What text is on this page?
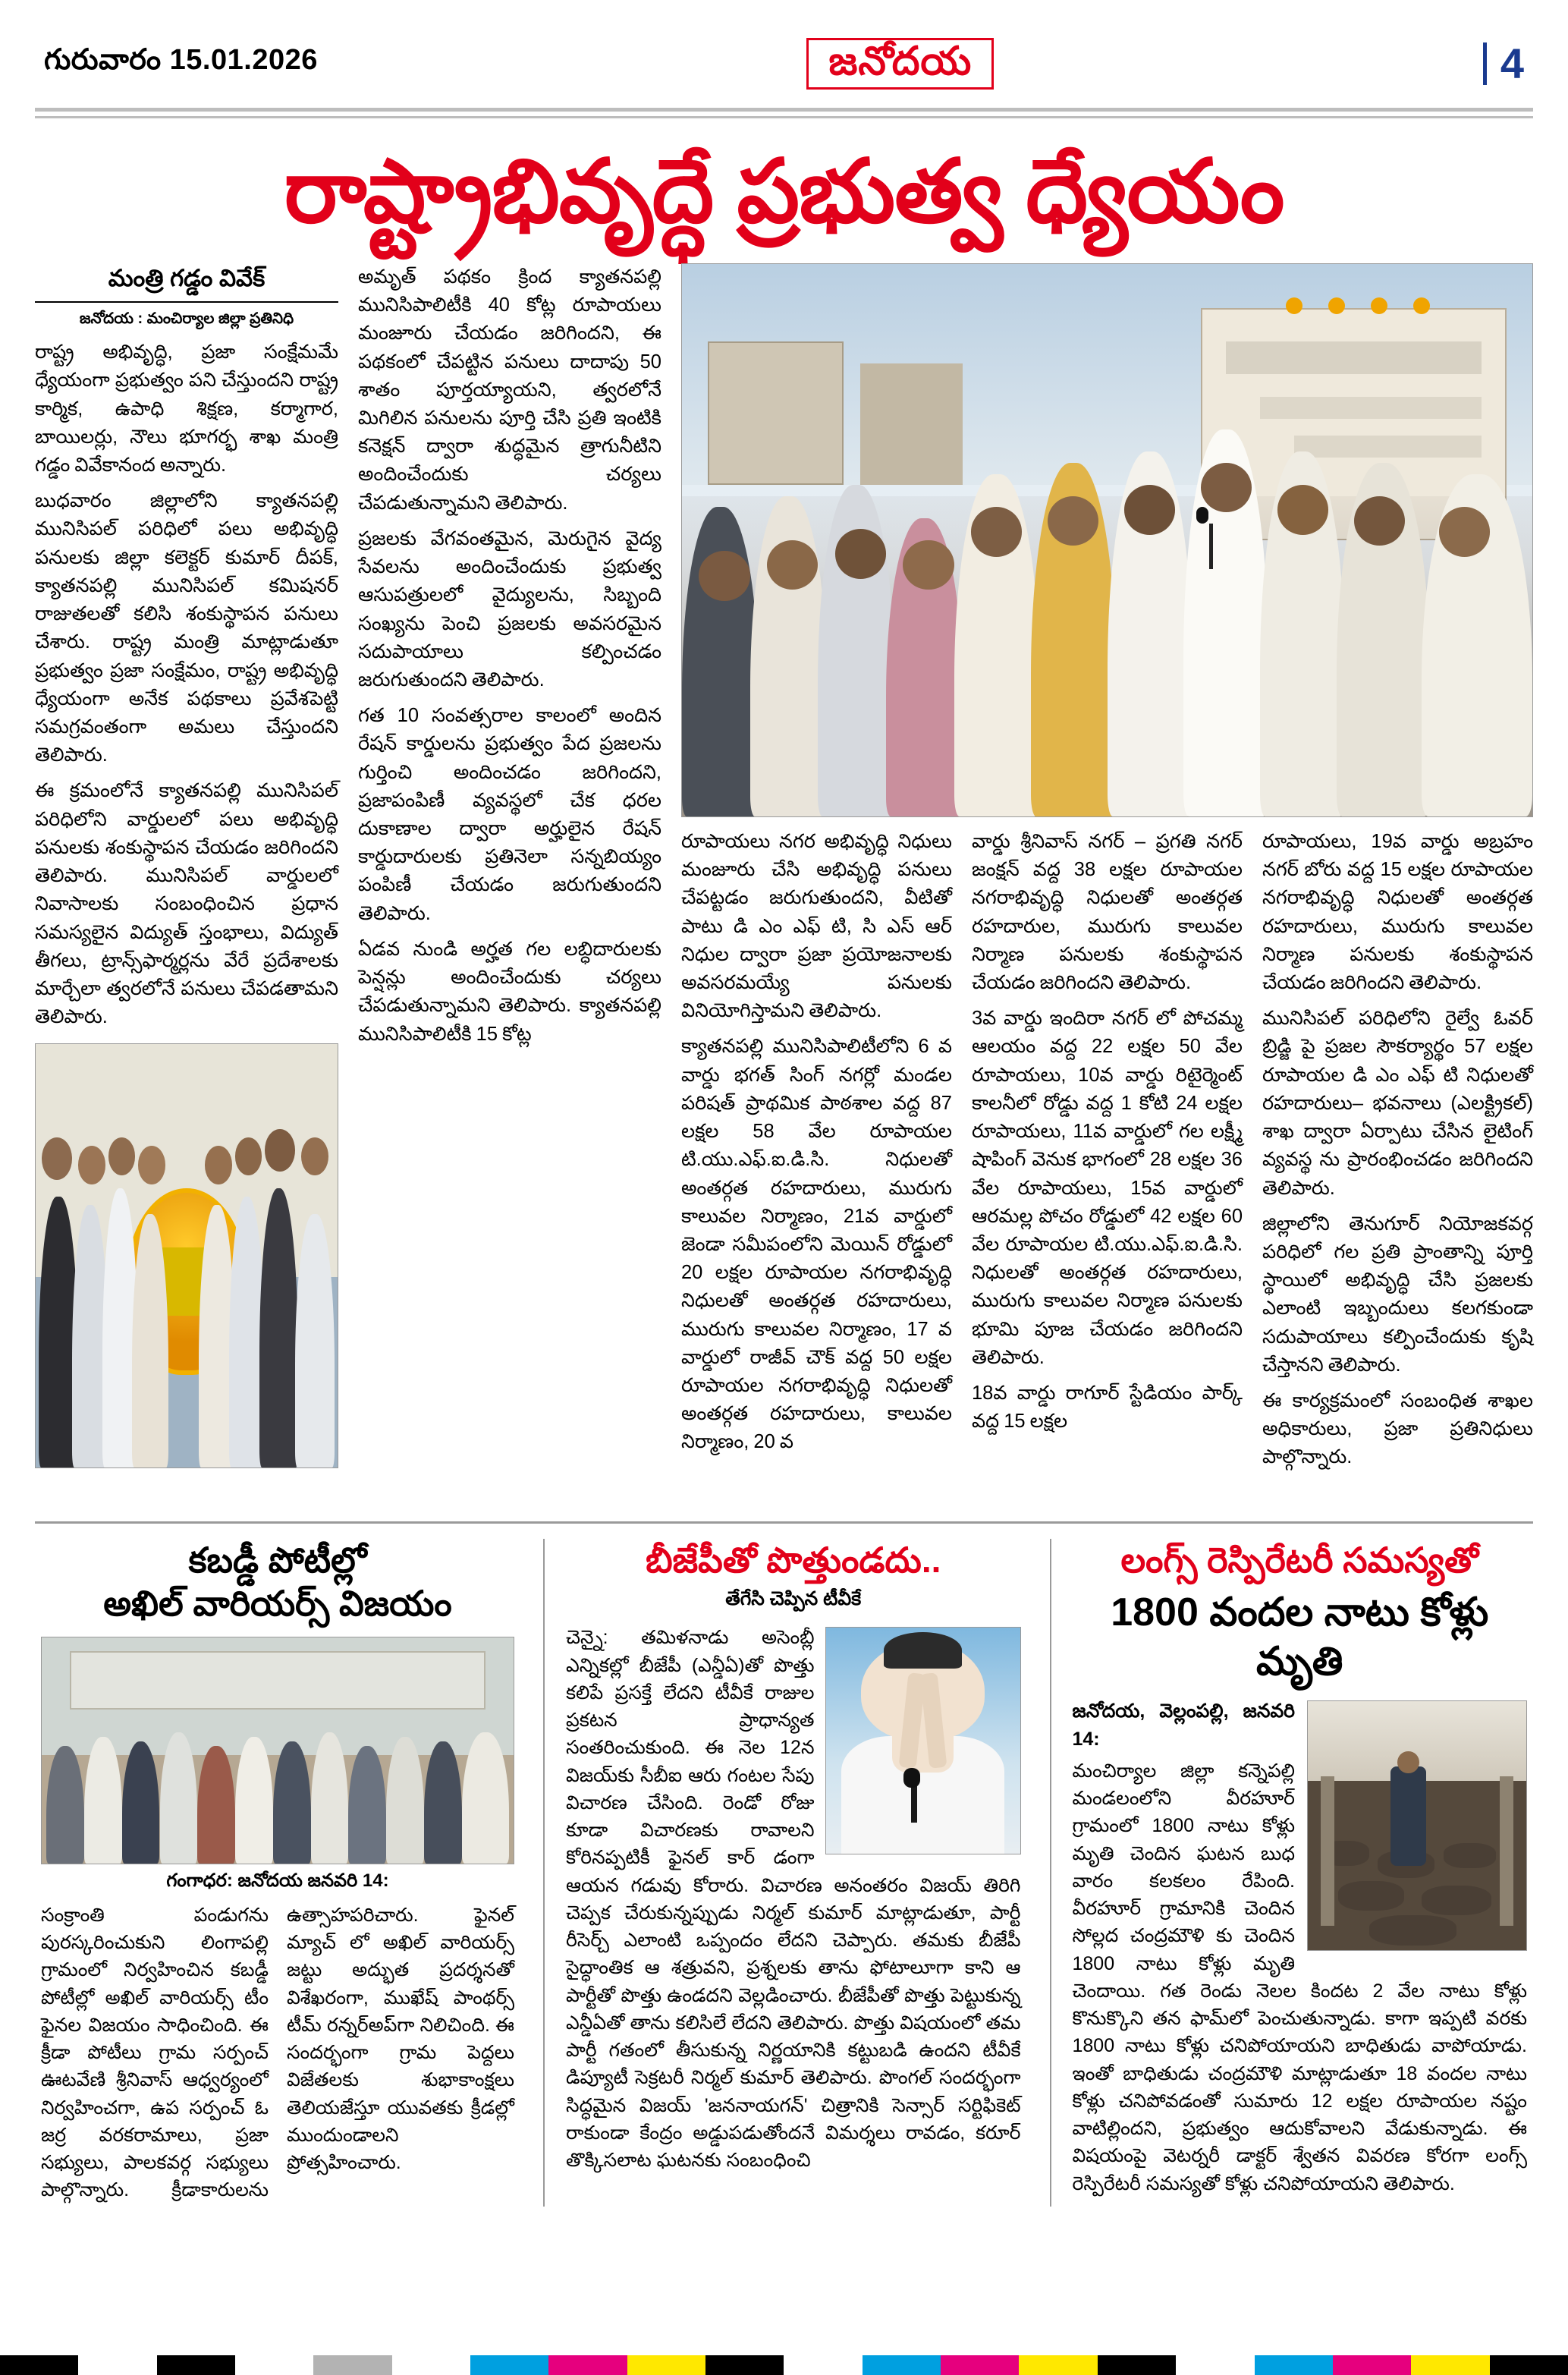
గురువారం 15.01.2026	జనోదయ	4
రాష్ట్రాభివృద్ధే ప్రభుత్వ ధ్యేయం
మంత్రి గడ్డం వివేక్
జనోదయ : మంచిర్యాల జిల్లా ప్రతినిధి

రాష్ట్ర అభివృద్ధి, ప్రజా సంక్షేమమే ధ్యేయంగా ప్రభుత్వం పని చేస్తుందని రాష్ట్ర కార్మిక, ఉపాధి శిక్షణ, కర్మాగార, బాయిలర్లు, నౌలు భూగర్భ శాఖ మంత్రి గడ్డం వివేకానంద అన్నారు.

బుధవారం జిల్లాలోని క్యాతనపల్లి మునిసిపల్ పరిధిలో పలు అభివృద్ధి పనులకు జిల్లా కలెక్టర్ కుమార్ దీపక్, క్యాతనపల్లి మునిసిపల్ కమిషనర్ రాజుతలతో కలిసి శంకుస్థాపన పనులు చేశారు. రాష్ట్ర మంత్రి మాట్లాడుతూ ప్రభుత్వం ప్రజా సంక్షేమం, రాష్ట్ర అభివృద్ధి ధ్యేయంగా అనేక పథకాలు ప్రవేశపెట్టి సమగ్రవంతంగా అమలు చేస్తుందని తెలిపారు.

ఈ క్రమంలోనే క్యాతనపల్లి మునిసిపల్ పరిధిలోని వార్డులలో పలు అభివృద్ధి పనులకు శంకుస్థాపన చేయడం జరిగిందని తెలిపారు. మునిసిపల్ వార్డులలో నివాసాలకు సంబంధించిన ప్రధాన సమస్యలైన విద్యుత్ స్తంభాలు, విద్యుత్ తీగలు, ట్రాన్స్‌ఫార్మర్లను వేరే ప్రదేశాలకు మార్చేలా త్వరలోనే పనులు చేపడతామని తెలిపారు.

అమృత్ పథకం క్రింద క్యాతనపల్లి మునిసిపాలిటీకి 40 కోట్ల రూపాయలు మంజూరు చేయడం జరిగిందని, ఈ పథకంలో చేపట్టిన పనులు దాదాపు 50 శాతం పూర్తయ్యాయని, త్వరలోనే మిగిలిన పనులను పూర్తి చేసి ప్రతి ఇంటికి కనెక్షన్ ద్వారా శుద్ధమైన త్రాగునీటిని అందించేందుకు చర్యలు చేపడుతున్నామని తెలిపారు.

ప్రజలకు వేగవంతమైన, మెరుగైన వైద్య సేవలను అందించేందుకు ప్రభుత్వ ఆసుపత్రులలో వైద్యులను, సిబ్బంది సంఖ్యను పెంచి ప్రజలకు అవసరమైన సదుపాయాలు కల్పించడం జరుగుతుందని తెలిపారు.

గత 10 సంవత్సరాల కాలంలో అందిన రేషన్ కార్డులను ప్రభుత్వం పేద ప్రజలను గుర్తించి అందించడం జరిగిందని, ప్రజాపంపిణీ వ్యవస్థలో చేక ధరల దుకాణాల ద్వారా అర్హులైన రేషన్ కార్డుదారులకు ప్రతినెలా సన్నబియ్యం పంపిణీ చేయడం జరుగుతుందని తెలిపారు.

ఏడవ నుండి అర్హత గల లబ్ధిదారులకు పెన్షన్లు అందించేందుకు చర్యలు చేపడుతున్నామని తెలిపారు. క్యాతనపల్లి మునిసిపాలిటీకి 15 కోట్ల

రూపాయలు నగర అభివృద్ధి నిధులు మంజూరు చేసి అభివృద్ధి పనులు చేపట్టడం జరుగుతుందని, వీటితో పాటు డి ఎం ఎఫ్ టి, సి ఎస్ ఆర్ నిధుల ద్వారా ప్రజా ప్రయోజనాలకు అవసరమయ్యే పనులకు వినియోగిస్తామని తెలిపారు.

క్యాతనపల్లి మునిసిపాలిటీలోని 6 వ వార్డు భగత్ సింగ్ నగర్లో మండల పరిషత్ ప్రాథమిక పాఠశాల వద్ద 87 లక్షల 58 వేల రూపాయల టి.యు.ఎఫ్.ఐ.డి.సి. నిధులతో అంతర్గత రహదారులు, మురుగు కాలువల నిర్మాణం, 21వ వార్డులో జెండా సమీపంలోని మెయిన్ రోడ్డులో 20 లక్షల రూపాయల నగరాభివృద్ధి నిధులతో అంతర్గత రహదారులు, మురుగు కాలువల నిర్మాణం, 17 వ వార్డులో రాజీవ్ చౌక్ వద్ద 50 లక్షల రూపాయల నగరాభివృద్ధి నిధులతో అంతర్గత రహదారులు, కాలువల నిర్మాణం, 20 వ

వార్డు శ్రీనివాస్ నగర్ – ప్రగతి నగర్ జంక్షన్ వద్ద 38 లక్షల రూపాయల నగరాభివృద్ధి నిధులతో అంతర్గత రహదారుల, మురుగు కాలువల నిర్మాణ పనులకు శంకుస్థాపన చేయడం జరిగిందని తెలిపారు.

3వ వార్డు ఇందిరా నగర్ లో పోచమ్మ ఆలయం వద్ద 22 లక్షల 50 వేల రూపాయలు, 10వ వార్డు రిటైర్మెంట్ కాలనీలో రోడ్డు వద్ద 1 కోటి 24 లక్షల రూపాయలు, 11వ వార్డులో గల లక్ష్మీ షాపింగ్ వెనుక భాగంలో 28 లక్షల 36 వేల రూపాయలు, 15వ వార్డులో ఆరమల్ల పోచం రోడ్డులో 42 లక్షల 60 వేల రూపాయల టి.యు.ఎఫ్.ఐ.డి.సి. నిధులతో అంతర్గత రహదారులు, మురుగు కాలువల నిర్మాణ పనులకు భూమి పూజ చేయడం జరిగిందని తెలిపారు.

18వ వార్డు రాగూర్ స్టేడియం పార్క్ వద్ద 15 లక్షల

రూపాయలు, 19వ వార్డు అబ్రహం నగర్ బోరు వద్ద 15 లక్షల రూపాయల నగరాభివృద్ధి నిధులతో అంతర్గత రహదారులు, మురుగు కాలువల నిర్మాణ పనులకు శంకుస్థాపన చేయడం జరిగిందని తెలిపారు.

మునిసిపల్ పరిధిలోని రైల్వే ఓవర్ బ్రిడ్జి పై ప్రజల సౌకర్యార్థం 57 లక్షల రూపాయల డి ఎం ఎఫ్ టి నిధులతో రహదారులు– భవనాలు (ఎలక్ట్రికల్) శాఖ ద్వారా ఏర్పాటు చేసిన లైటింగ్ వ్యవస్థ ను ప్రారంభించడం జరిగిందని తెలిపారు.

జిల్లాలోని తెనుగూర్ నియోజకవర్గ పరిధిలో గల ప్రతి ప్రాంతాన్ని పూర్తి స్థాయిలో అభివృద్ధి చేసి ప్రజలకు ఎలాంటి ఇబ్బందులు కలగకుండా సదుపాయాలు కల్పించేందుకు కృషి చేస్తానని తెలిపారు.

ఈ కార్యక్రమంలో సంబంధిత శాఖల అధికారులు, ప్రజా ప్రతినిధులు పాల్గొన్నారు.

కబడ్డీ పోటీల్లో
అఖిల్ వారియర్స్ విజయం
గంగాధర: జనోదయ జనవరి 14:
సంక్రాంతి పండుగను పురస్కరించుకుని లింగాపల్లి గ్రామంలో నిర్వహించిన కబడ్డీ పోటీల్లో అఖిల్ వారియర్స్ టీం ఫైనల విజయం సాధించింది. ఈ క్రీడా పోటీలు గ్రామ సర్పంచ్ ఊటవేణి శ్రీనివాస్ ఆధ్వర్యంలో నిర్వహించగా, ఉప సర్పంచ్ ఓ జర్ర వరకరామాలు, ప్రజా సభ్యులు, పాలకవర్గ సభ్యులు పాల్గొన్నారు. క్రీడాకారులను ఉత్సాహపరిచారు. ఫైనల్ మ్యాచ్ లో అఖిల్ వారియర్స్ జట్టు అద్భుత ప్రదర్శనతో విశేఖరంగా, ముఖేష్ పాంథర్స్ టీమ్ రన్నర్‌అప్‌గా నిలిచింది. ఈ సందర్భంగా గ్రామ పెద్దలు విజేతలకు శుభాకాంక్షలు తెలియజేస్తూ యువతకు క్రీడల్లో ముందుండాలని ప్రోత్సహించారు.
బీజేపీతో పొత్తుండదు..
తేగేసి చెప్పిన టీవీకే
చెన్నై: తమిళనాడు అసెంబ్లీ ఎన్నికల్లో బీజేపీ (ఎన్డీఏ)తో పొత్తు కలిపే ప్రసక్తే లేదని టీవీకే రాజుల ప్రకటన ప్రాధాన్యత సంతరించుకుంది. ఈ నెల 12న విజయ్‌కు సీబీఐ ఆరు గంటల సేపు విచారణ చేసింది. రెండో రోజు కూడా విచారణకు రావాలని కోరినప్పటికీ ఫైనల్ కార్ డంగా ఆయన గడువు కోరారు. విచారణ అనంతరం విజయ్ తిరిగి చెప్పక చేరుకున్నప్పుడు నిర్మల్ కుమార్ మాట్లాడుతూ, పార్టీ రీసెర్చ్ ఎలాంటి ఒప్పందం లేదని చెప్పారు. తమకు బీజేపీ సైద్ధాంతిక ఆ శత్రువని, ప్రశ్నలకు తాను ఫోటాలూగా కాని ఆ పార్టీతో పొత్తు ఉండదని వెల్లడించారు. బీజేపీతో పొత్తు పెట్టుకున్న ఎన్డీఏతో తాను కలిసిలే లేదని తెలిపారు. పొత్తు విషయంలో తమ పార్టీ గతంలో తీసుకున్న నిర్ణయానికి కట్టుబడి ఉందని టీవీకే డిప్యూటీ సెక్రటరీ నిర్మల్ కుమార్ తెలిపారు. పొంగల్ సందర్భంగా సిద్ధమైన విజయ్ 'జననాయగన్' చిత్రానికి సెన్సార్ సర్టిఫికెట్ రాకుండా కేంద్రం అడ్డుపడుతోందనే విమర్శలు రావడం, కరూర్ తొక్కిసలాట ఘటనకు సంబంధించి
లంగ్స్ రెస్పిరేటరీ సమస్యతో
1800 వందల నాటు కోళ్లు మృతి
జనోదయ, వెల్లంపల్లి, జనవరి 14:
మంచిర్యాల జిల్లా కన్నెపల్లి మండలంలోని వీరహూర్ గ్రామంలో 1800 నాటు కోళ్లు మృతి చెందిన ఘటన బుధ వారం కలకలం రేపింది. వీరహూర్ గ్రామానికి చెందిన సోల్లద చంద్రమౌళి కు చెందిన 1800 నాటు కోళ్లు మృతి చెందాయి. గత రెండు నెలల కిందట 2 వేల నాటు కోళ్లు కొనుక్కొని తన ఫామ్‌లో పెంచుతున్నాడు. కాగా ఇప్పటి వరకు 1800 నాటు కోళ్లు చనిపోయాయని బాధితుడు వాపోయాడు. ఇంతో బాధితుడు చంద్రమౌళి మాట్లాడుతూ 18 వందల నాటు కోళ్లు చనిపోవడంతో సుమారు 12 లక్షల రూపాయల నష్టం వాటిల్లిందని, ప్రభుత్వం ఆదుకోవాలని వేడుకున్నాడు. ఈ విషయంపై వెటర్నరీ డాక్టర్ శ్వేతన వివరణ కోరగా లంగ్స్ రెస్పిరేటరీ సమస్యతో కోళ్లు చనిపోయాయని తెలిపారు.
